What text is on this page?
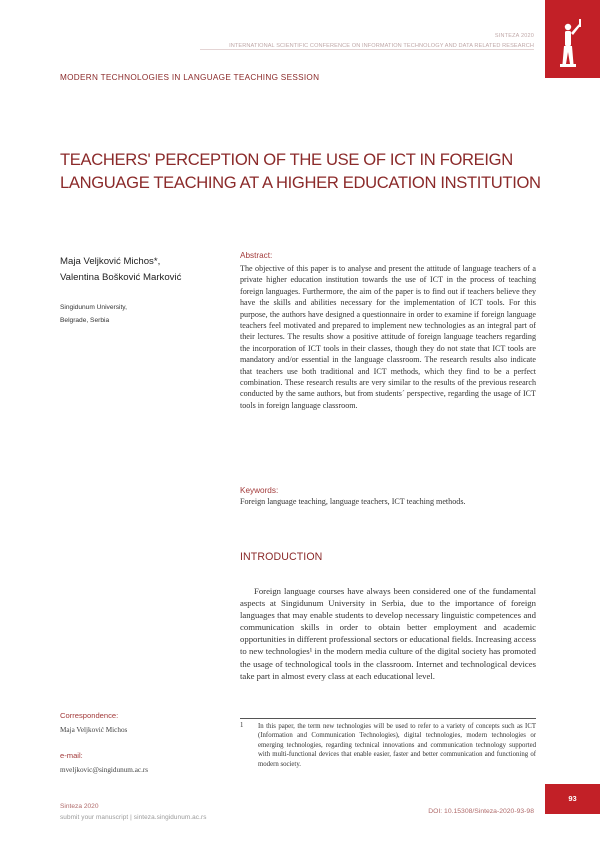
SINTEZA 2020
INTERNATIONAL SCIENTIFIC CONFERENCE ON INFORMATION TECHNOLOGY AND DATA RELATED RESEARCH
MODERN TECHNOLOGIES IN LANGUAGE TEACHING SESSION
TEACHERS' PERCEPTION OF THE USE OF ICT IN FOREIGN
LANGUAGE TEACHING AT A HIGHER EDUCATION INSTITUTION
Maja Veljković Michos*,
Valentina Bošković Marković
Singidunum University,
Belgrade, Serbia
Abstract:

The objective of this paper is to analyse and present the attitude of language teachers of a private higher education institution towards the use of ICT in the process of teaching foreign languages. Furthermore, the aim of the paper is to find out if teachers believe they have the skills and abilities necessary for the implementation of ICT tools. For this purpose, the authors have designed a questionnaire in order to examine if foreign language teachers feel motivated and prepared to implement new technologies as an integral part of their lectures. The results show a positive attitude of foreign language teachers regarding the incorporation of ICT tools in their classes, though they do not state that ICT tools are mandatory and/or essential in the language classroom. The research results also indicate that teachers use both traditional and ICT methods, which they find to be a perfect combination. These research results are very similar to the results of the previous research conducted by the same authors, but from students´ perspective, regarding the usage of ICT tools in foreign language classroom.

Keywords:
Foreign language teaching, language teachers, ICT teaching methods.
INTRODUCTION

Foreign language courses have always been considered one of the fundamental aspects at Singidunum University in Serbia, due to the importance of foreign languages that may enable students to develop necessary linguistic competences and communication skills in order to obtain better employment and academic opportunities in different professional sectors or educational fields. Increasing access to new technologies¹ in the modern media culture of the digital society has promoted the usage of technological tools in the classroom. Internet and technological devices take part in almost every class at each educational level.

Correspondence:
Maja Veljković Michos
e-mail:
mveljkovic@singidunum.ac.rs
1 In this paper, the term new technologies will be used to refer to a variety of concepts such as ICT (Information and Communication Technologies), digital technologies, modern technologies or emerging technologies, regarding technical innovations and communication technology supported with multi-functional devices that enable easier, faster and better communication and functioning of modern society.

Sinteza 2020
submit your manuscript | sinteza.singidunum.ac.rs
DOI: 10.15308/Sinteza-2020-93-98
93
